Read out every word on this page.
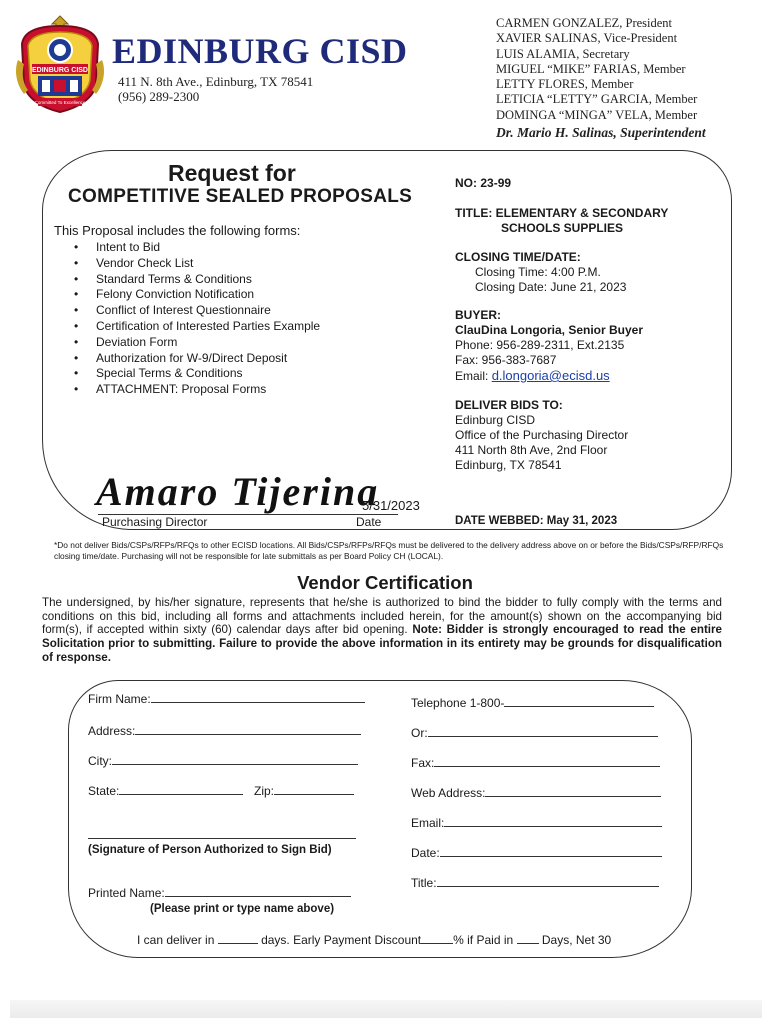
EDINBURG CISD
Committed To Excellence
EDINBURG CISD
411 N. 8th Ave., Edinburg, TX 78541
(956) 289-2300
CARMEN GONZALEZ, President
XAVIER SALINAS, Vice-President
LUIS ALAMIA, Secretary
MIGUEL “MIKE” FARIAS, Member
LETTY FLORES, Member
LETICIA “LETTY” GARCIA, Member
DOMINGA “MINGA” VELA, Member
Dr. Mario H. Salinas, Superintendent
Request for
COMPETITIVE SEALED PROPOSALS
This Proposal includes the following forms:
• Intent to Bid
• Vendor Check List
• Standard Terms & Conditions
• Felony Conviction Notification
• Conflict of Interest Questionnaire
• Certification of Interested Parties Example
• Deviation Form
• Authorization for W-9/Direct Deposit
• Special Terms & Conditions
• ATTACHMENT: Proposal Forms
NO: 23-99
TITLE: ELEMENTARY & SECONDARY
SCHOOLS SUPPLIES
CLOSING TIME/DATE:
Closing Time: 4:00 P.M.
Closing Date: June 21, 2023
BUYER:
ClauDina Longoria, Senior Buyer
Phone: 956-289-2311, Ext.2135
Fax: 956-383-7687
Email: d.longoria@ecisd.us
DELIVER BIDS TO:
Edinburg CISD
Office of the Purchasing Director
411 North 8th Ave, 2nd Floor
Edinburg, TX 78541
Amaro Tijerina
5/31/2023
Purchasing Director	Date	DATE WEBBED: May 31, 2023
*Do not deliver Bids/CSPs/RFPs/RFQs to other ECISD locations. All Bids/CSPs/RFPs/RFQs must be delivered to the delivery address above on or before the Bids/CSPs/RFP/RFQs closing time/date. Purchasing will not be responsible for late submittals as per Board Policy CH (LOCAL).
Vendor Certification
The undersigned, by his/her signature, represents that he/she is authorized to bind the bidder to fully comply with the terms and conditions on this bid, including all forms and attachments included herein, for the amount(s) shown on the accompanying bid form(s), if accepted within sixty (60) calendar days after bid opening. Note: Bidder is strongly encouraged to read the entire Solicitation prior to submitting. Failure to provide the above information in its entirety may be grounds for disqualification of response.
Firm Name:
Address:
City:
State:	Zip:
Telephone 1-800-
Or:
Fax:
Web Address:
Email:
(Signature of Person Authorized to Sign Bid)	Date:
Title:
Printed Name:
(Please print or type name above)
I can deliver in	days. Early Payment Discount	% if Paid in Days, Net 30
